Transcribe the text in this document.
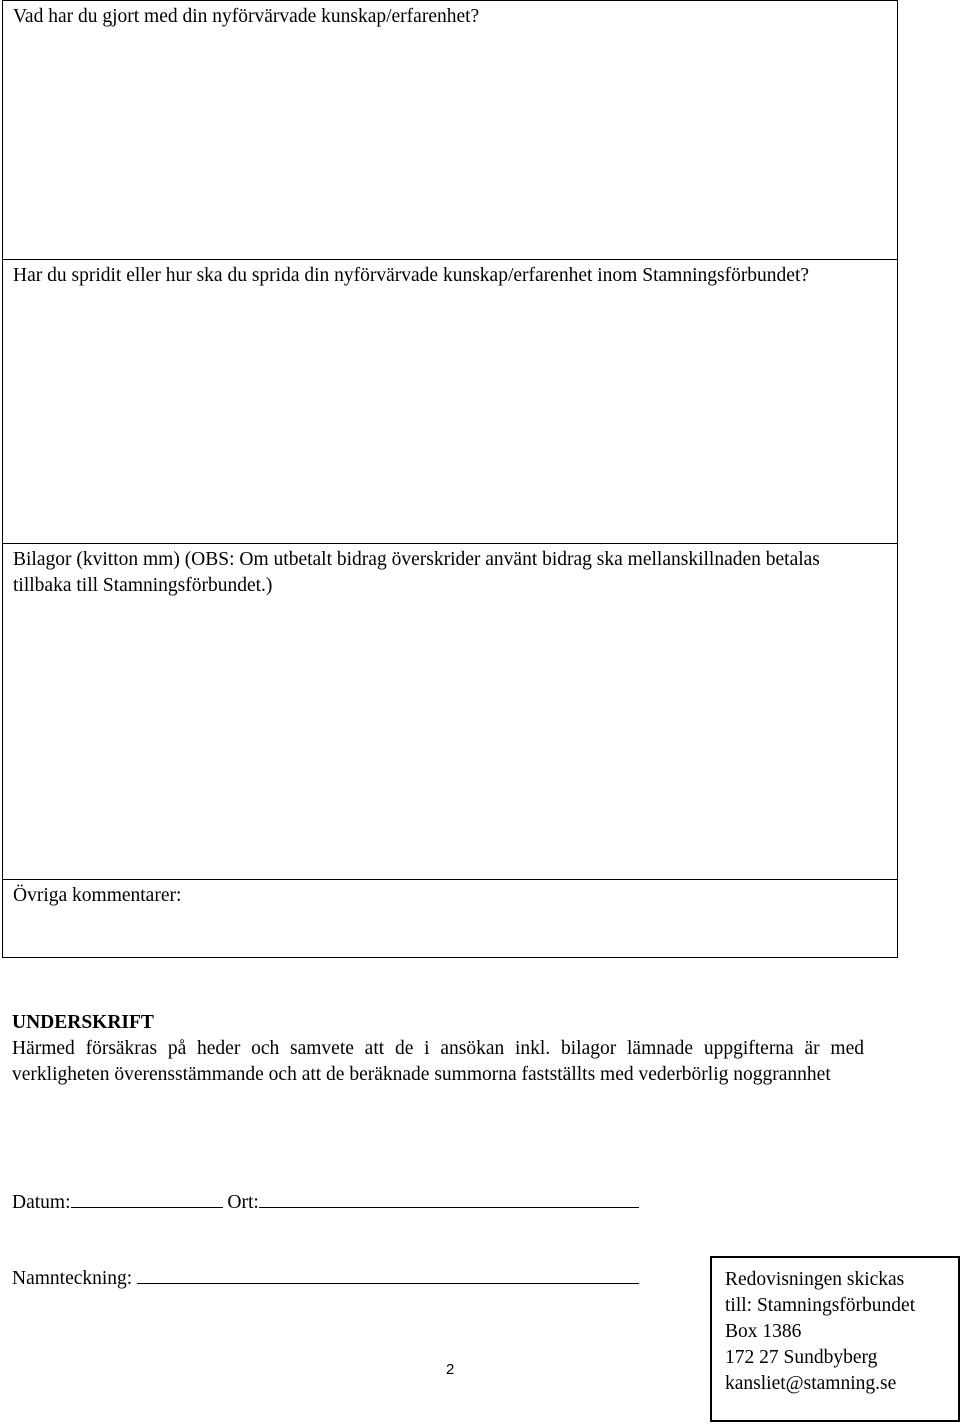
Vad har du gjort med din nyförvärvade kunskap/erfarenhet?
Har du spridit eller hur ska du sprida din nyförvärvade kunskap/erfarenhet inom Stamningsförbundet?
Bilagor (kvitton mm) (OBS: Om utbetalt bidrag överskrider använt bidrag ska mellanskillnaden betalas tillbaka till Stamningsförbundet.)
Övriga kommentarer:
UNDERSKRIFT
Härmed försäkras på heder och samvete att de i ansökan inkl. bilagor lämnade uppgifterna är med verkligheten överensstämmande och att de beräknade summorna fastställts med vederbörlig noggrannhet
Datum:	Ort:
Namnteckning:
2
Redovisningen skickas
till: Stamningsförbundet
Box 1386
172 27 Sundbyberg
kansliet@stamning.se
